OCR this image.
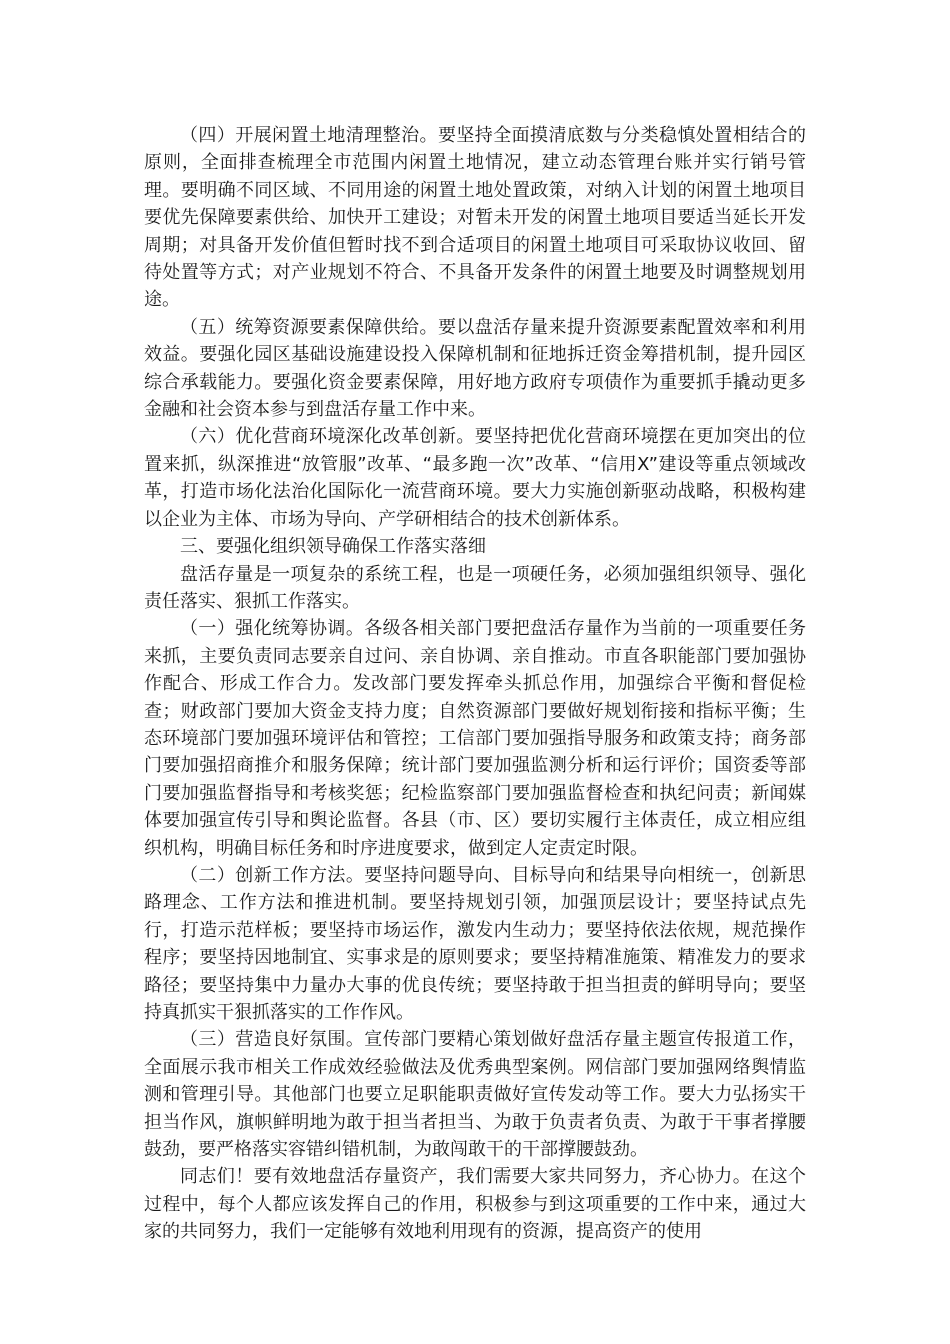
（四）开展闲置土地清理整治。要坚持全面摸清底数与分类稳慎处置相结合的原则，全面排查梳理全市范围内闲置土地情况，建立动态管理台账并实行销号管理。要明确不同区域、不同用途的闲置土地处置政策，对纳入计划的闲置土地项目要优先保障要素供给、加快开工建设；对暂未开发的闲置土地项目要适当延长开发周期；对具备开发价值但暂时找不到合适项目的闲置土地项目可采取协议收回、留待处置等方式；对产业规划不符合、不具备开发条件的闲置土地要及时调整规划用途。

（五）统筹资源要素保障供给。要以盘活存量来提升资源要素配置效率和利用效益。要强化园区基础设施建设投入保障机制和征地拆迁资金筹措机制，提升园区综合承载能力。要强化资金要素保障，用好地方政府专项债作为重要抓手撬动更多金融和社会资本参与到盘活存量工作中来。

（六）优化营商环境深化改革创新。要坚持把优化营商环境摆在更加突出的位置来抓，纵深推进“放管服”改革、“最多跑一次”改革、“信用X”建设等重点领域改革，打造市场化法治化国际化一流营商环境。要大力实施创新驱动战略，积极构建以企业为主体、市场为导向、产学研相结合的技术创新体系。

三、要强化组织领导确保工作落实落细

盘活存量是一项复杂的系统工程，也是一项硬任务，必须加强组织领导、强化责任落实、狠抓工作落实。

（一）强化统筹协调。各级各相关部门要把盘活存量作为当前的一项重要任务来抓，主要负责同志要亲自过问、亲自协调、亲自推动。市直各职能部门要加强协作配合、形成工作合力。发改部门要发挥牵头抓总作用，加强综合平衡和督促检查；财政部门要加大资金支持力度；自然资源部门要做好规划衔接和指标平衡；生态环境部门要加强环境评估和管控；工信部门要加强指导服务和政策支持；商务部门要加强招商推介和服务保障；统计部门要加强监测分析和运行评价；国资委等部门要加强监督指导和考核奖惩；纪检监察部门要加强监督检查和执纪问责；新闻媒体要加强宣传引导和舆论监督。各县（市、区）要切实履行主体责任，成立相应组织机构，明确目标任务和时序进度要求，做到定人定责定时限。

（二）创新工作方法。要坚持问题导向、目标导向和结果导向相统一，创新思路理念、工作方法和推进机制。要坚持规划引领，加强顶层设计；要坚持试点先行，打造示范样板；要坚持市场运作，激发内生动力；要坚持依法依规，规范操作程序；要坚持因地制宜、实事求是的原则要求；要坚持精准施策、精准发力的要求路径；要坚持集中力量办大事的优良传统；要坚持敢于担当担责的鲜明导向；要坚持真抓实干狠抓落实的工作作风。

（三）营造良好氛围。宣传部门要精心策划做好盘活存量主题宣传报道工作，全面展示我市相关工作成效经验做法及优秀典型案例。网信部门要加强网络舆情监测和管理引导。其他部门也要立足职能职责做好宣传发动等工作。要大力弘扬实干担当作风，旗帜鲜明地为敢于担当者担当、为敢于负责者负责、为敢于干事者撑腰鼓劲，要严格落实容错纠错机制，为敢闯敢干的干部撑腰鼓劲。

同志们！要有效地盘活存量资产，我们需要大家共同努力，齐心协力。在这个过程中，每个人都应该发挥自己的作用，积极参与到这项重要的工作中来，通过大家的共同努力，我们一定能够有效地利用现有的资源，提高资产的使用
